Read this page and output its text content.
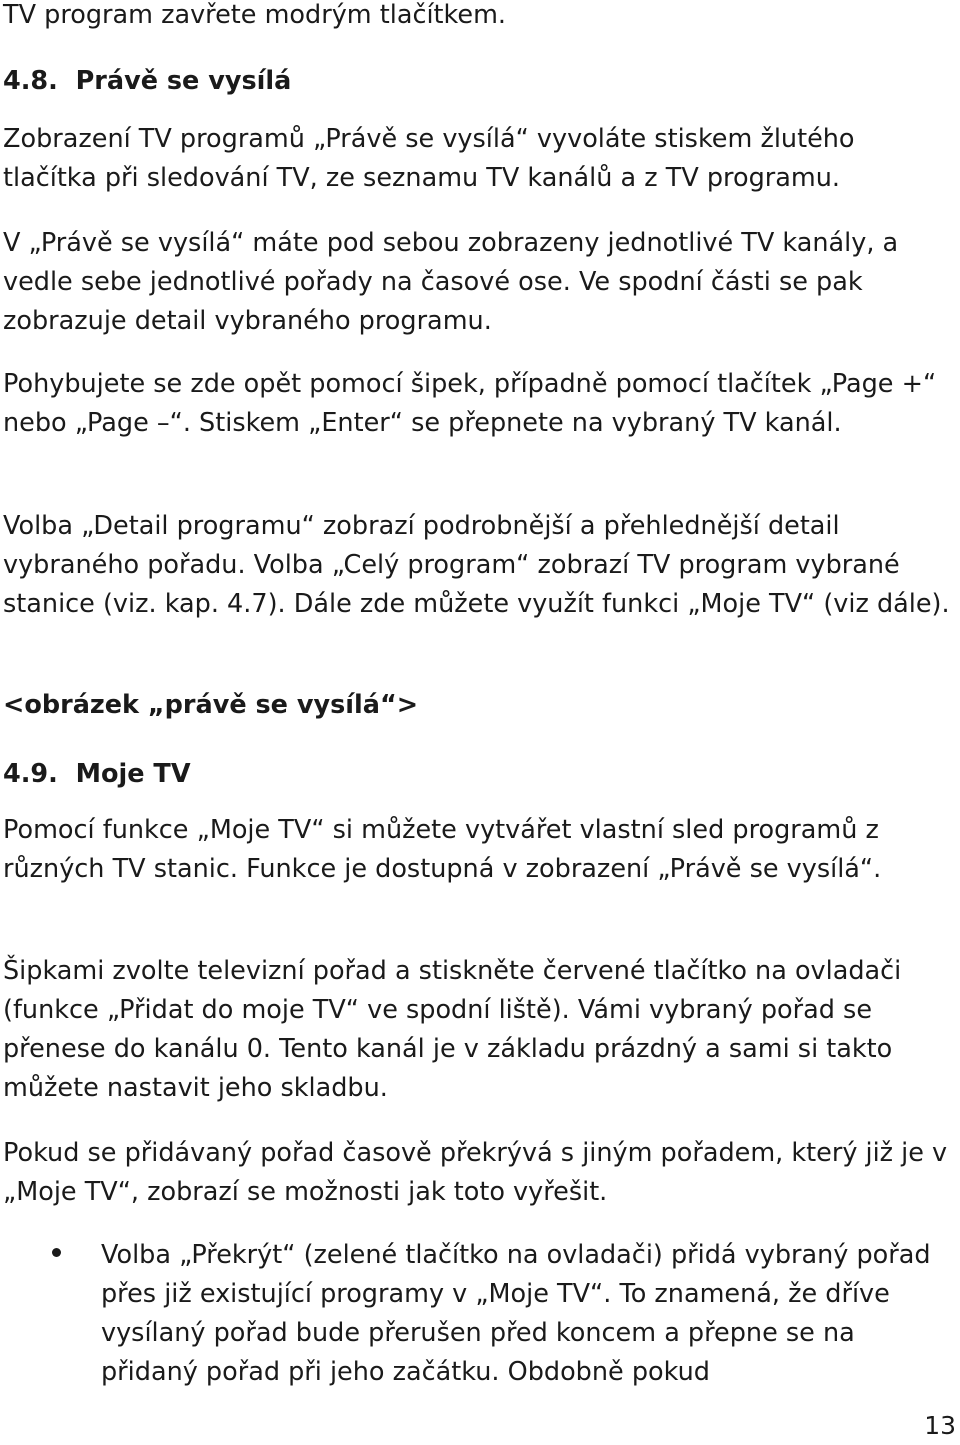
TV program zavřete modrým tlačítkem.

4.8.  Právě se vysílá

Zobrazení TV programů „Právě se vysílá“ vyvoláte stiskem žlutého tlačítka při sledování TV, ze seznamu TV kanálů a z TV programu.

V „Právě se vysílá“ máte pod sebou zobrazeny jednotlivé TV kanály, a vedle sebe jednotlivé pořady na časové ose. Ve spodní části se pak zobrazuje detail vybraného programu.

Pohybujete se zde opět pomocí šipek, případně pomocí tlačítek „Page +“ nebo „Page –“. Stiskem „Enter“ se přepnete na vybraný TV kanál.

Volba „Detail programu“ zobrazí podrobnější a přehlednější detail vybraného pořadu. Volba „Celý program“ zobrazí TV program vybrané stanice (viz. kap. 4.7). Dále zde můžete využít funkci „Moje TV“ (viz dále).

<obrázek „právě se vysílá“>

4.9.  Moje TV

Pomocí funkce „Moje TV“ si můžete vytvářet vlastní sled programů z různých TV stanic. Funkce je dostupná v zobrazení „Právě se vysílá“.

Šipkami zvolte televizní pořad a stiskněte červené tlačítko na ovladači (funkce „Přidat do moje TV“ ve spodní liště). Vámi vybraný pořad se přenese do kanálu 0. Tento kanál je v základu prázdný a sami si takto můžete nastavit jeho skladbu.

Pokud se přidávaný pořad časově překrývá s jiným pořadem, který již je v „Moje TV“, zobrazí se možnosti jak toto vyřešit.

Volba „Překrýt“ (zelené tlačítko na ovladači) přidá vybraný pořad přes již existující programy v „Moje TV“. To znamená, že dříve vysílaný pořad bude přerušen před koncem a přepne se na přidaný pořad při jeho začátku. Obdobně pokud

13
